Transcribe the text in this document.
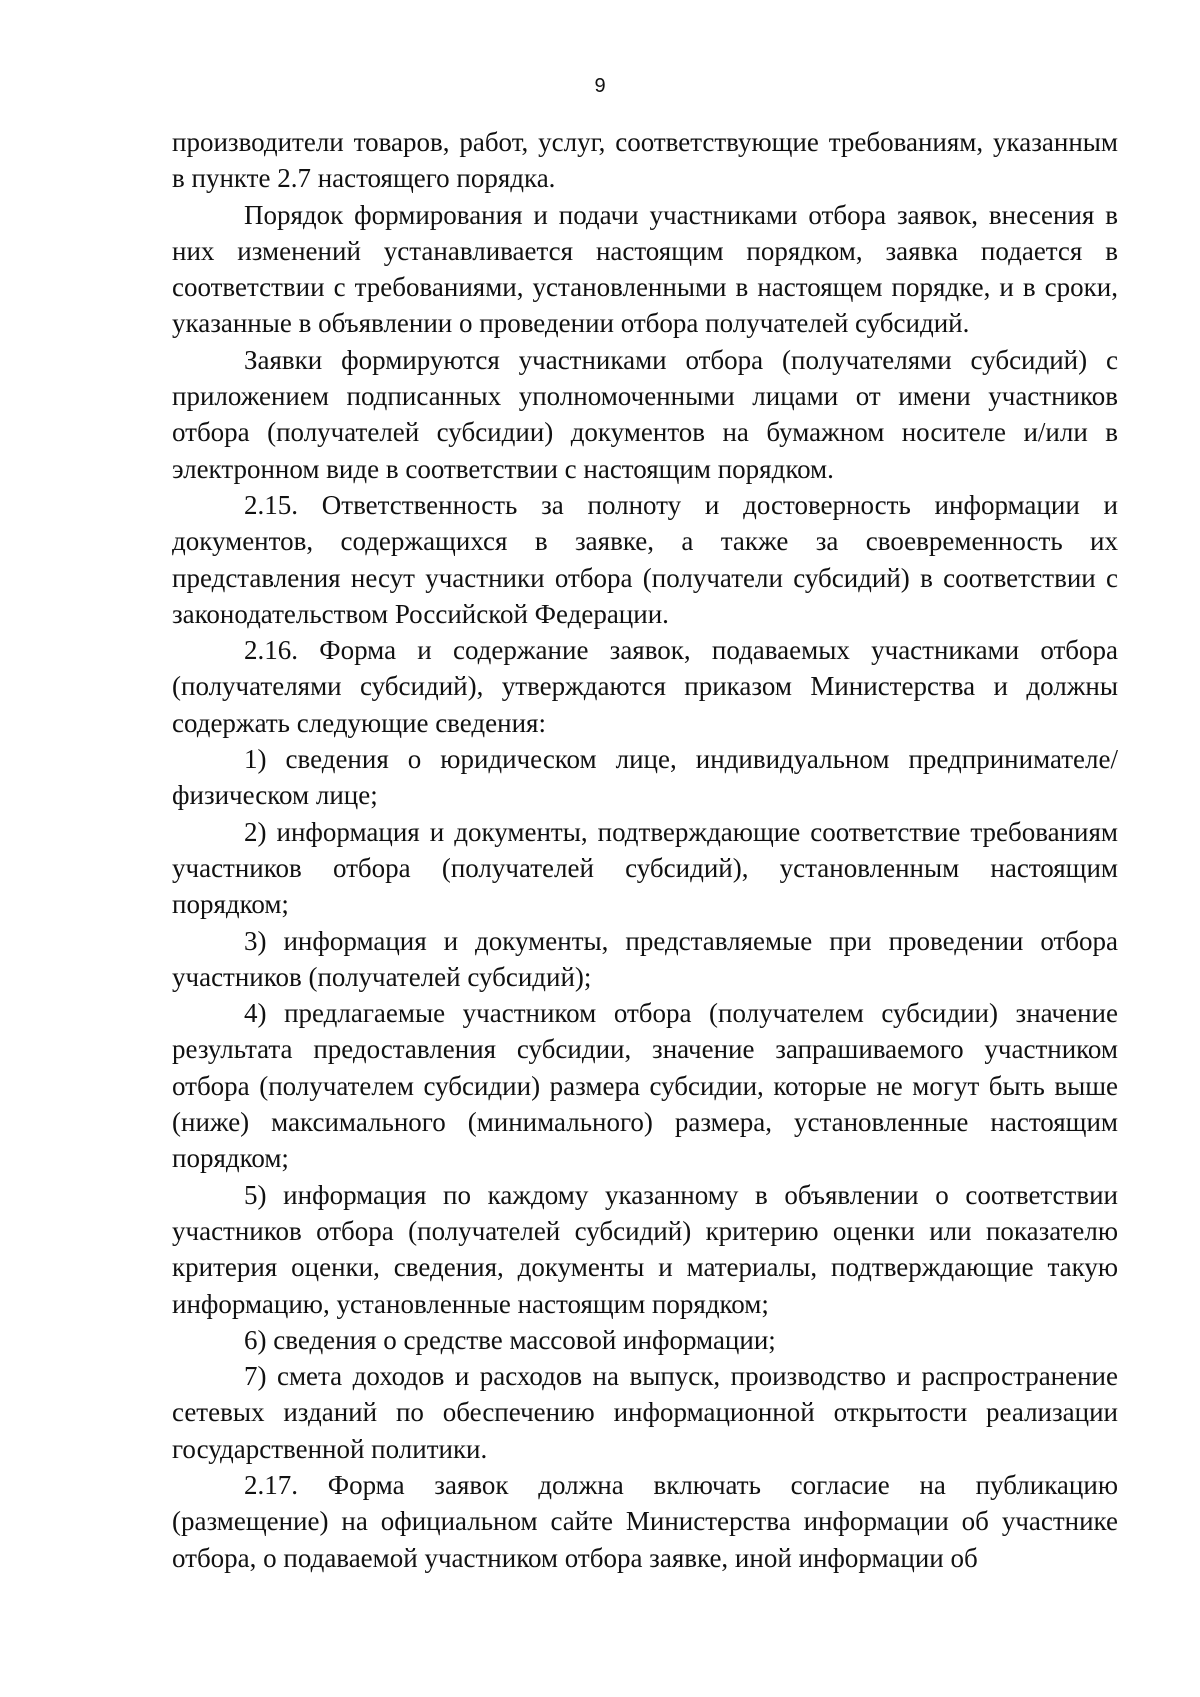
9

производители товаров, работ, услуг, соответствующие требованиям, указанным в пункте 2.7 настоящего порядка.

Порядок формирования и подачи участниками отбора заявок, внесения в них изменений устанавливается настоящим порядком, заявка подается в соответствии с требованиями, установленными в настоящем порядке, и в сроки, указанные в объявлении о проведении отбора получателей субсидий.

Заявки формируются участниками отбора (получателями субсидий) с приложением подписанных уполномоченными лицами от имени участников отбора (получателей субсидии) документов на бумажном носителе и/или в электронном виде в соответствии с настоящим порядком.

2.15. Ответственность за полноту и достоверность информации и документов, содержащихся в заявке, а также за своевременность их представления несут участники отбора (получатели субсидий) в соответствии с законодательством Российской Федерации.

2.16. Форма и содержание заявок, подаваемых участниками отбора (получателями субсидий), утверждаются приказом Министерства и должны содержать следующие сведения:

1) сведения о юридическом лице, индивидуальном предпринимателе/ физическом лице;

2) информация и документы, подтверждающие соответствие требованиям участников отбора (получателей субсидий), установленным настоящим порядком;

3) информация и документы, представляемые при проведении отбора участников (получателей субсидий);

4) предлагаемые участником отбора (получателем субсидии) значение результата предоставления субсидии, значение запрашиваемого участником отбора (получателем субсидии) размера субсидии, которые не могут быть выше (ниже) максимального (минимального) размера, установленные настоящим порядком;

5) информация по каждому указанному в объявлении о соответствии участников отбора (получателей субсидий) критерию оценки или показателю критерия оценки, сведения, документы и материалы, подтверждающие такую информацию, установленные настоящим порядком;

6) сведения о средстве массовой информации;

7) смета доходов и расходов на выпуск, производство и распространение сетевых изданий по обеспечению информационной открытости реализации государственной политики.

2.17. Форма заявок должна включать согласие на публикацию (размещение) на официальном сайте Министерства информации об участнике отбора, о подаваемой участником отбора заявке, иной информации об
